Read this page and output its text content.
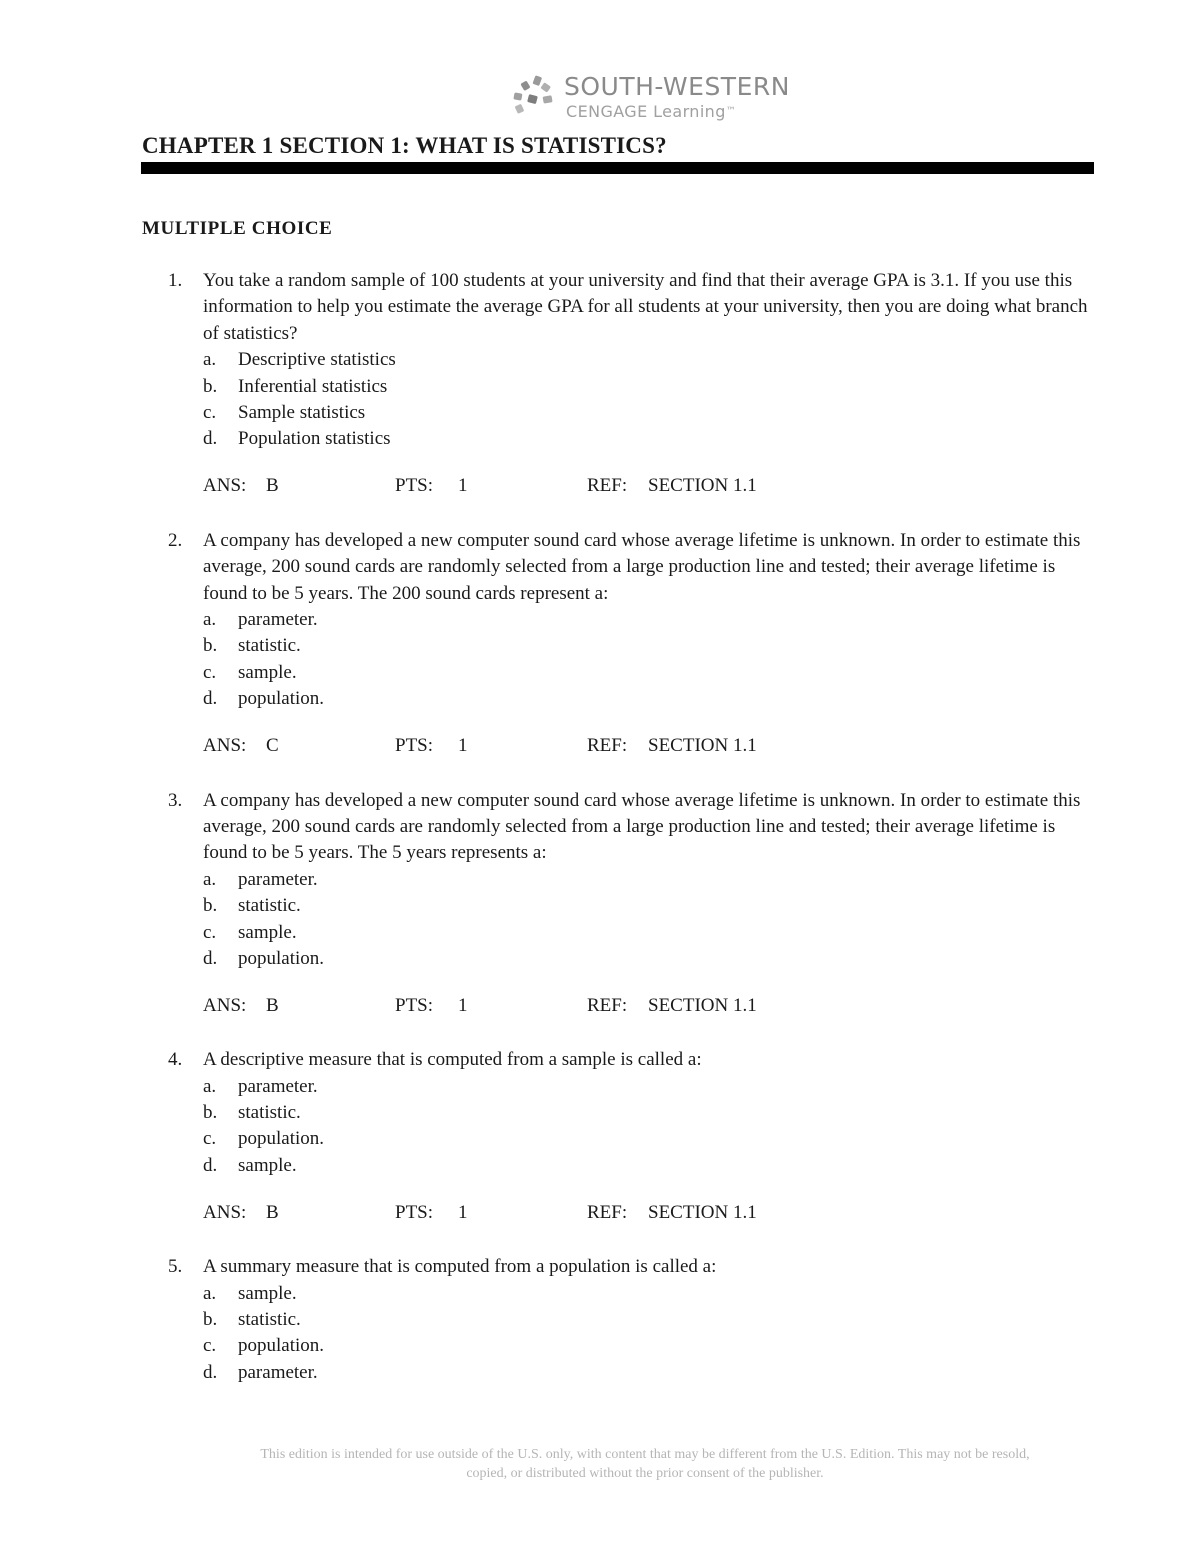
SOUTH-WESTERN
CENGAGE Learning™
CHAPTER 1 SECTION 1: WHAT IS STATISTICS?
MULTIPLE CHOICE
1.	You take a random sample of 100 students at your university and find that their average GPA is 3.1. If you use this information to help you estimate the average GPA for all students at your university, then you are doing what branch of statistics?
a. Descriptive statistics
b. Inferential statistics
c. Sample statistics
d. Population statistics
ANS: B	PTS: 1	REF: SECTION 1.1
2.	A company has developed a new computer sound card whose average lifetime is unknown. In order to estimate this average, 200 sound cards are randomly selected from a large production line and tested; their average lifetime is found to be 5 years. The 200 sound cards represent a:
a. parameter.
b. statistic.
c. sample.
d. population.
ANS: C	PTS: 1	REF: SECTION 1.1
3.	A company has developed a new computer sound card whose average lifetime is unknown. In order to estimate this average, 200 sound cards are randomly selected from a large production line and tested; their average lifetime is found to be 5 years. The 5 years represents a:
a. parameter.
b. statistic.
c. sample.
d. population.
ANS: B	PTS: 1	REF: SECTION 1.1
4.	A descriptive measure that is computed from a sample is called a:
a. parameter.
b. statistic.
c. population.
d. sample.
ANS: B	PTS: 1	REF: SECTION 1.1
5.	A summary measure that is computed from a population is called a:
a. sample.
b. statistic.
c. population.
d. parameter.
This edition is intended for use outside of the U.S. only, with content that may be different from the U.S. Edition. This may not be resold,
copied, or distributed without the prior consent of the publisher.
